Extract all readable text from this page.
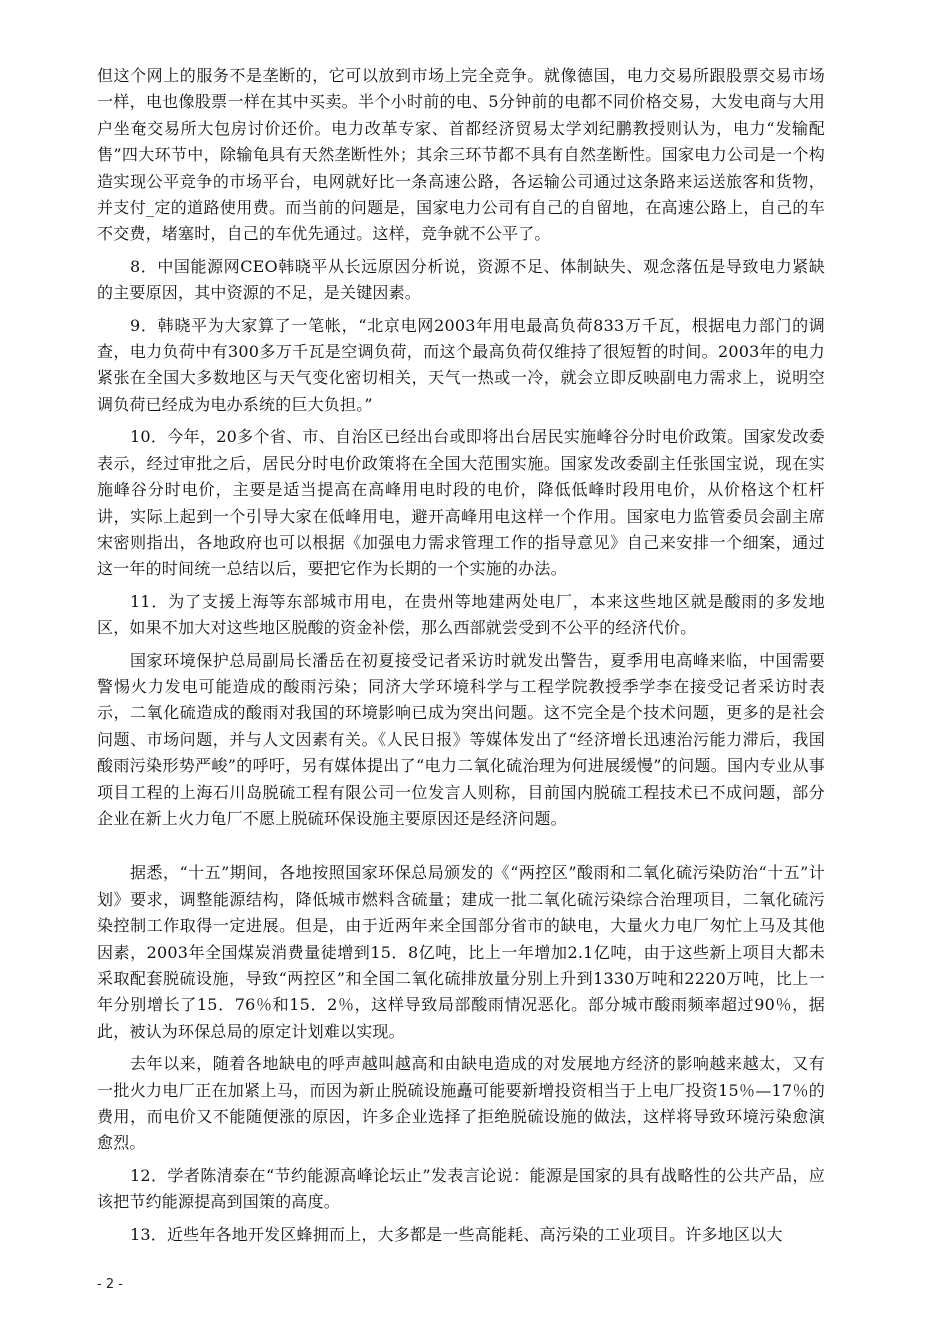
但这个网上的服务不是垄断的，它可以放到市场上完全竞争。就像德国，电力交易所跟股票交易市场一样，电也像股票一样在其中买卖。半个小时前的电、5分钟前的电都不同价格交易，大发电商与大用户坐奄交易所大包房讨价还价。电力改革专家、首都经济贸易太学刘纪鹏教授则认为，电力“发输配售”四大环节中，除输龟具有天然垄断性外；其余三环节都不具有自然垄断性。国家电力公司是一个构造实现公平竞争的市场平台，电网就好比一条高速公路，各运输公司通过这条路来运送旅客和货物，并支付_定的道路使用费。而当前的问题是，国家电力公司有自己的自留地，在高速公路上，自己的车不交费，堵塞时，自己的车优先通过。这样，竞争就不公平了。

8．中国能源网CEO韩晓平从长远原因分析说，资源不足、体制缺失、观念落伍是导致电力紧缺的主要原因，其中资源的不足，是关键因素。

9．韩晓平为大家算了一笔帐，“北京电网2003年用电最高负荷833万千瓦，根据电力部门的调查，电力负荷中有300多万千瓦是空调负荷，而这个最高负荷仅维持了很短暂的时间。2003年的电力紧张在全国大多数地区与天气变化密切相关，天气一热或一冷，就会立即反映副电力需求上，说明空调负荷已经成为电办系统的巨大负担。”

10．今年，20多个省、市、自治区已经出台或即将出台居民实施峰谷分时电价政策。国家发改委表示，经过审批之后，居民分时电价政策将在全国大范围实施。国家发改委副主任张国宝说，现在实施峰谷分时电价，主要是适当提高在高峰用电时段的电价，降低低峰时段用电价，从价格这个杠杆讲，实际上起到一个引导大家在低峰用电，避开高峰用电这样一个作用。国家电力监管委员会副主席宋密则指出，各地政府也可以根据《加强电力需求管理工作的指导意见》自己来安排一个细案，通过这一年的时间统一总结以后，要把它作为长期的一个实施的办法。

11．为了支援上海等东部城市用电，在贵州等地建两处电厂，本来这些地区就是酸雨的多发地区，如果不加大对这些地区脱酸的资金补偿，那么西部就尝受到不公平的经济代价。

国家环境保护总局副局长潘岳在初夏接受记者采访时就发出警告，夏季用电高峰来临，中国需要警惕火力发电可能造成的酸雨污染；同济大学环境科学与工程学院教授季学李在接受记者采访时表示，二氧化硫造成的酸雨对我国的环境影响已成为突出问题。这不完全是个技术问题，更多的是社会问题、市场问题，并与人文因素有关。《人民日报》等媒体发出了“经济增长迅速治污能力滞后，我国酸雨污染形势严峻”的呼吁，另有媒体提出了“电力二氧化硫治理为何进展缓慢”的问题。国内专业从事项目工程的上海石川岛脱硫工程有限公司一位发言人则称，目前国内脱硫工程技术已不成问题，部分企业在新上火力龟厂不愿上脱硫环保设施主要原因还是经济问题。

据悉，“十五”期间，各地按照国家环保总局颁发的《“两控区”酸雨和二氧化硫污染防治“十五”计划》要求，调整能源结构，降低城市燃料含硫量；建成一批二氧化硫污染综合治理项目，二氧化硫污染控制工作取得一定进展。但是，由于近两年来全国部分省市的缺电，大量火力电厂匆忙上马及其他因素，2003年全国煤炭消费量徒增到15．8亿吨，比上一年增加2.1亿吨，由于这些新上项目大都未采取配套脱硫设施，导致“两控区”和全国二氧化硫排放量分别上升到1330万吨和2220万吨，比上一年分别增长了15．76％和15．2％，这样导致局部酸雨情况恶化。部分城市酸雨频率超过90％，据此，被认为环保总局的原定计划难以实现。

去年以来，随着各地缺电的呼声越叫越高和由缺电造成的对发展地方经济的影响越来越太，又有一批火力电厂正在加紧上马，而因为新止脱硫设施矗可能要新增投资相当于上电厂投资15％—17％的费用，而电价又不能随便涨的原因，许多企业选择了拒绝脱硫设施的做法，这样将导致环境污染愈演愈烈。

12．学者陈清泰在“节约能源高峰论坛止”发表言论说：能源是国家的具有战略性的公共产品，应该把节约能源提高到国策的高度。

13．近些年各地开发区蜂拥而上，大多都是一些高能耗、高污染的工业项目。许多地区以大

- 2 -
